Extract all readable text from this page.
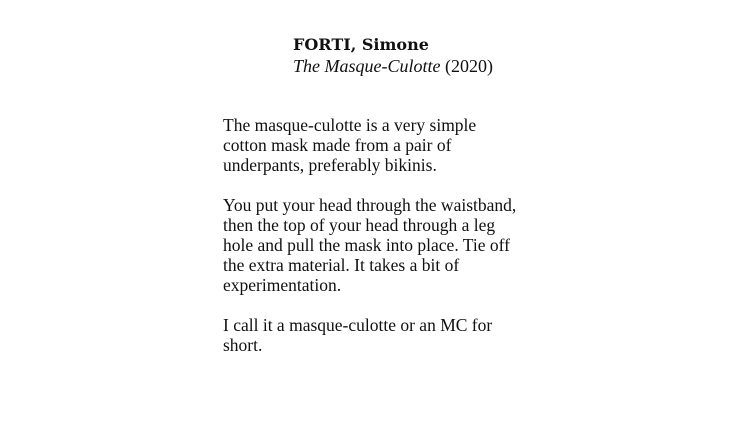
FORTI, Simone
The Masque-Culotte (2020)

The masque-culotte is a very simple
cotton mask made from a pair of
underpants, preferably bikinis.

You put your head through the waistband,
then the top of your head through a leg
hole and pull the mask into place. Tie off
the extra material. It takes a bit of
experimentation.

I call it a masque-culotte or an MC for
short.
